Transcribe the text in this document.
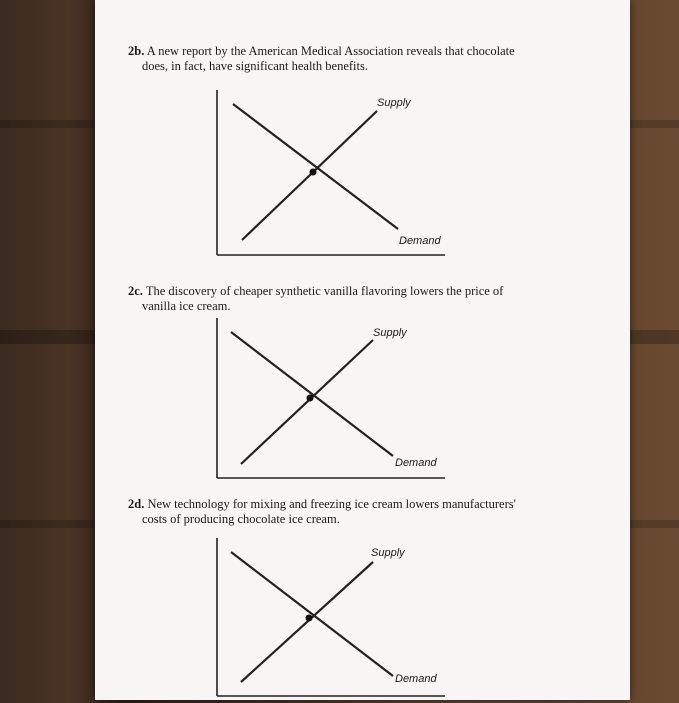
2b. A new report by the American Medical Association reveals that chocolate
does, in fact, have significant health benefits.
Supply
Demand
2c. The discovery of cheaper synthetic vanilla flavoring lowers the price of
vanilla ice cream.
Supply
Demand
2d. New technology for mixing and freezing ice cream lowers manufacturers'
costs of producing chocolate ice cream.
Supply
Demand
